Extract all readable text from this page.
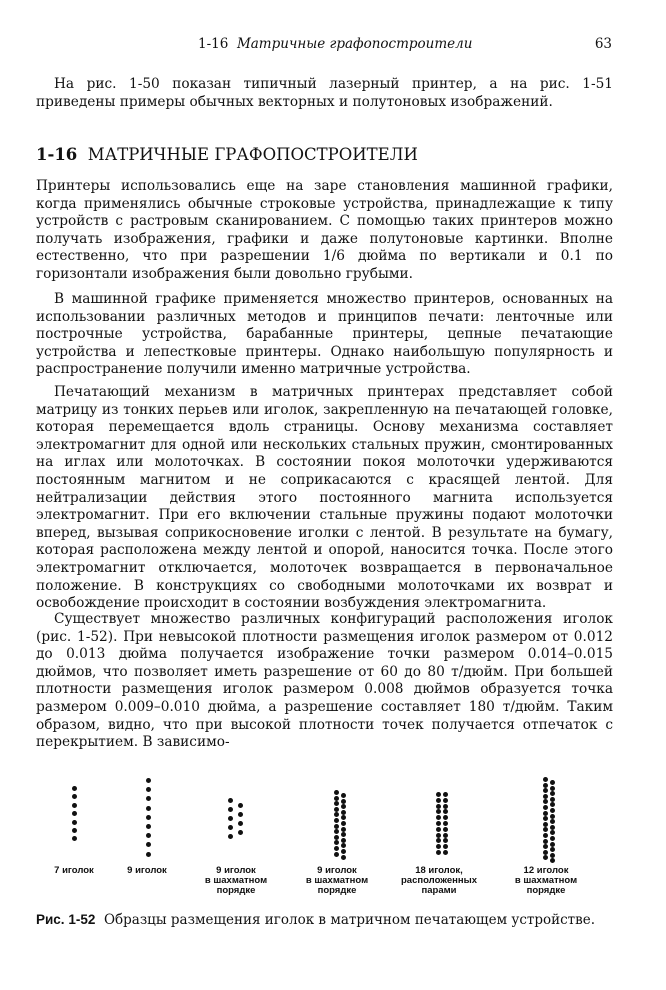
1-16 Матричные графопостроители	63

На рис. 1-50 показан типичный лазерный принтер, а на рис. 1-51 приведены примеры обычных векторных и полутоновых изображений.

1-16 МАТРИЧНЫЕ ГРАФОПОСТРОИТЕЛИ

Принтеры использовались еще на заре становления машинной графики, когда применялись обычные строковые устройства, принадлежащие к типу устройств с растровым сканированием. С помощью таких принтеров можно получать изображения, графики и даже полутоновые картинки. Вполне естественно, что при разрешении 1/6 дюйма по вертикали и 0.1 по горизонтали изображения были довольно грубыми.

В машинной графике применяется множество принтеров, основанных на использовании различных методов и принципов печати: ленточные или построчные устройства, барабанные принтеры, цепные печатающие устройства и лепестковые принтеры. Однако наибольшую популярность и распространение получили именно матричные устройства.

Печатающий механизм в матричных принтерах представляет собой матрицу из тонких перьев или иголок, закрепленную на печатающей головке, которая перемещается вдоль страницы. Основу механизма составляет электромагнит для одной или нескольких стальных пружин, смонтированных на иглах или молоточках. В состоянии покоя молоточки удерживаются постоянным магнитом и не соприкасаются с красящей лентой. Для нейтрализации действия этого постоянного магнита используется электромагнит. При его включении стальные пружины подают молоточки вперед, вызывая соприкосновение иголки с лентой. В результате на бумагу, которая расположена между лентой и опорой, наносится точка. После этого электромагнит отключается, молоточек возвращается в первоначальное положение. В конструкциях со свободными молоточками их возврат и освобождение происходит в состоянии возбуждения электромагнита.

Существует множество различных конфигураций расположения иголок (рис. 1-52). При невысокой плотности размещения иголок размером от 0.012 до 0.013 дюйма получается изображение точки размером 0.014–0.015 дюймов, что позволяет иметь разрешение от 60 до 80 т/дюйм. При большей плотности размещения иголок размером 0.008 дюймов образуется точка размером 0.009–0.010 дюйма, а разрешение составляет 180 т/дюйм. Таким образом, видно, что при высокой плотности точек получается отпечаток с перекрытием. В зависимо-

7 иголок	9 иголок	9 иголок
в шахматном
порядке
9 иголок
в шахматном
порядке
18 иголок,
расположенных
парами
12 иголок
в шахматном
порядке

Рис. 1-52 Образцы размещения иголок в матричном печатающем устройстве.
